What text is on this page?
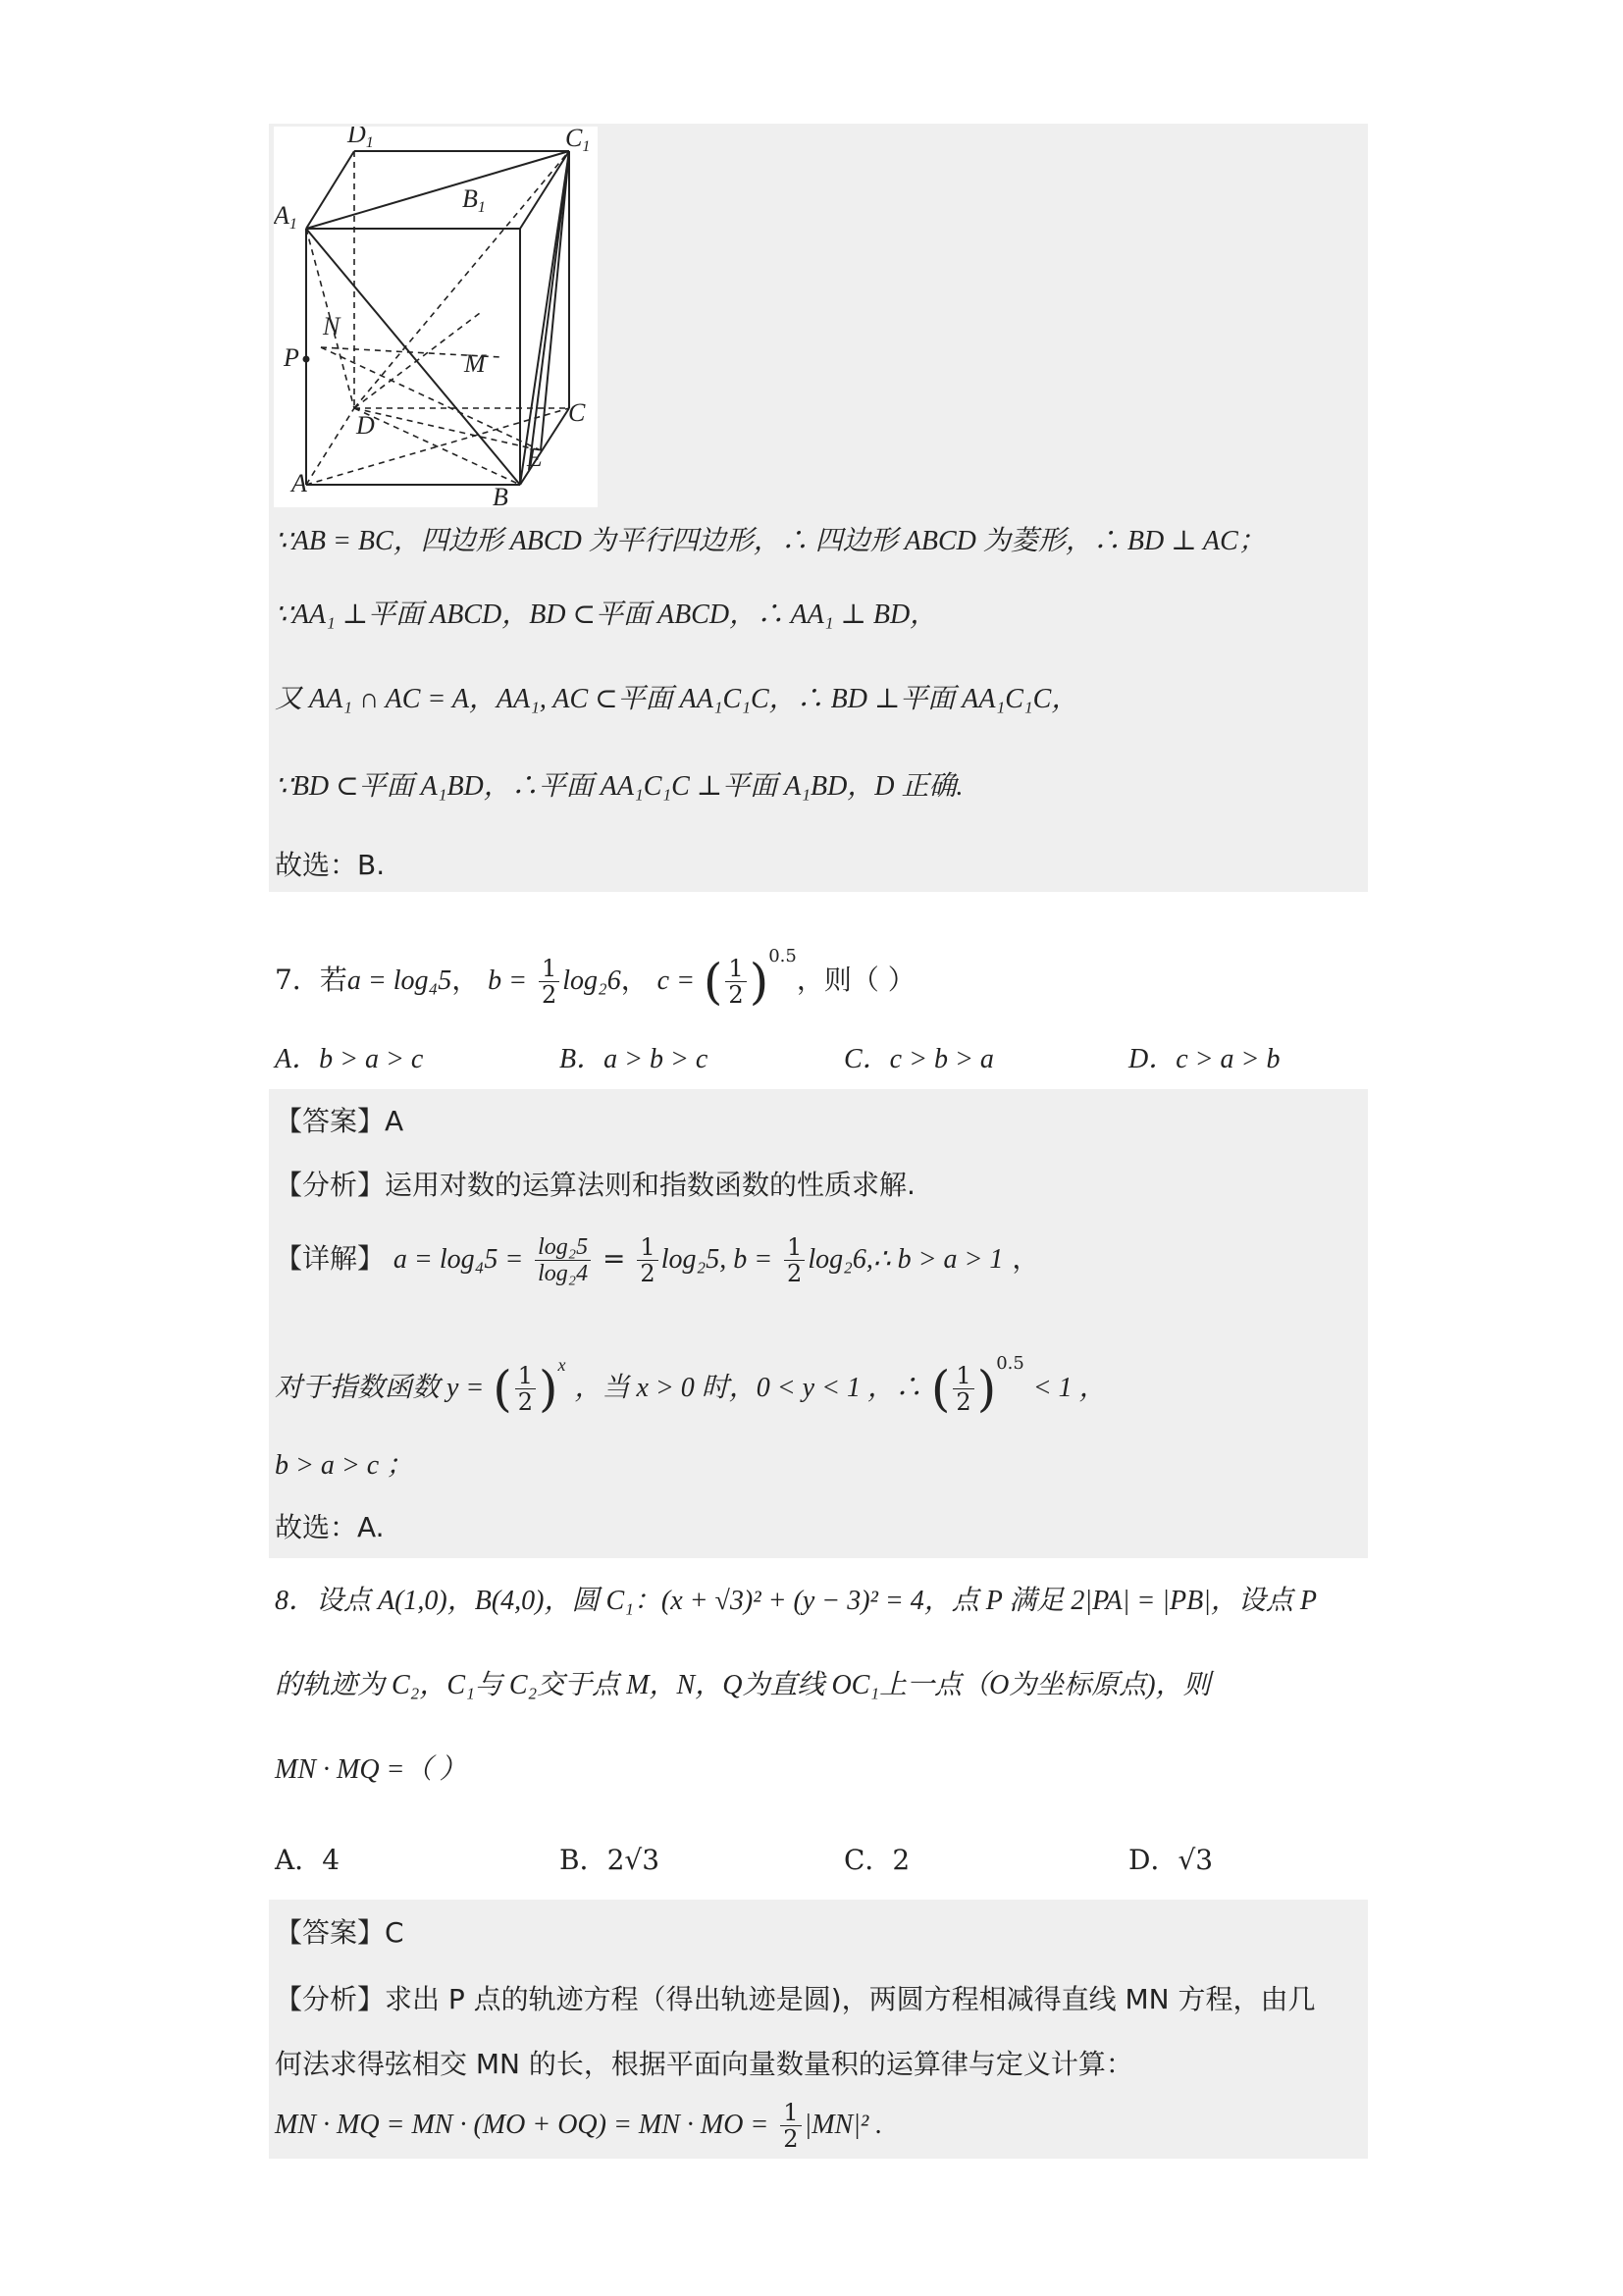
D1	C1
A1
B1
N
P	M
D	C
A	B
E
∵AB = BC，四边形 ABCD 为平行四边形，∴ 四边形 ABCD 为菱形，∴ BD ⊥ AC；
∵AA₁ ⊥平面 ABCD，BD ⊂平面 ABCD，∴ AA₁ ⊥ BD，
又 AA₁ ∩ AC = A，AA₁, AC ⊂平面 AA₁C₁C，∴ BD ⊥平面 AA₁C₁C，
∵BD ⊂平面 A₁BD，∴平面 AA₁C₁C ⊥平面 A₁BD，D 正确.
故选：B.
7．若a = log₄5， $b = \frac{1}{2} \log_26$， c = ( $\frac{1}{2} )^{0.5}$，则（ ）
A．b > a > c	B．a > b > c	C．c > b > a	D．c > a > b
【答案】A
【分析】运用对数的运算法则和指数函数的性质求解.
【详解】 $a = \log_45 = \frac{\text{log₂5}}{\text{log₂4}} = \frac{1}{2} \log_25$, $b = \frac{1}{2}$ log₂6,∴ b > a > 1 ，
对于指数函数 y = ( $\frac{1}{2} )^x$ ，当 x > 0 时，0 < y < 1 ，∴ ( $\frac{1}{2} )^{0.5} < 1$ ，
b > a > c ；
故选：A.
8．设点 A(1,0)，B(4,0)，圆 C₁：(x + √3)² + (y − 3)² = 4，点 P 满足 2|PA| = |PB|，设点 P
的轨迹为 C₂，C₁与 C₂交于点 M，N，Q为直线 OC₁上一点（O为坐标原点)，则
MN · MQ =（ ）
A．4	B．2√3	C．2	D．√3
【答案】C
【分析】求出 P 点的轨迹方程（得出轨迹是圆)，两圆方程相减得直线 MN 方程，由几
何法求得弦相交 MN 的长，根据平面向量数量积的运算律与定义计算：
MN · MQ = MN · (MO + OQ) = MN · MO = $\frac{1}{2} |MN|^2$ .
